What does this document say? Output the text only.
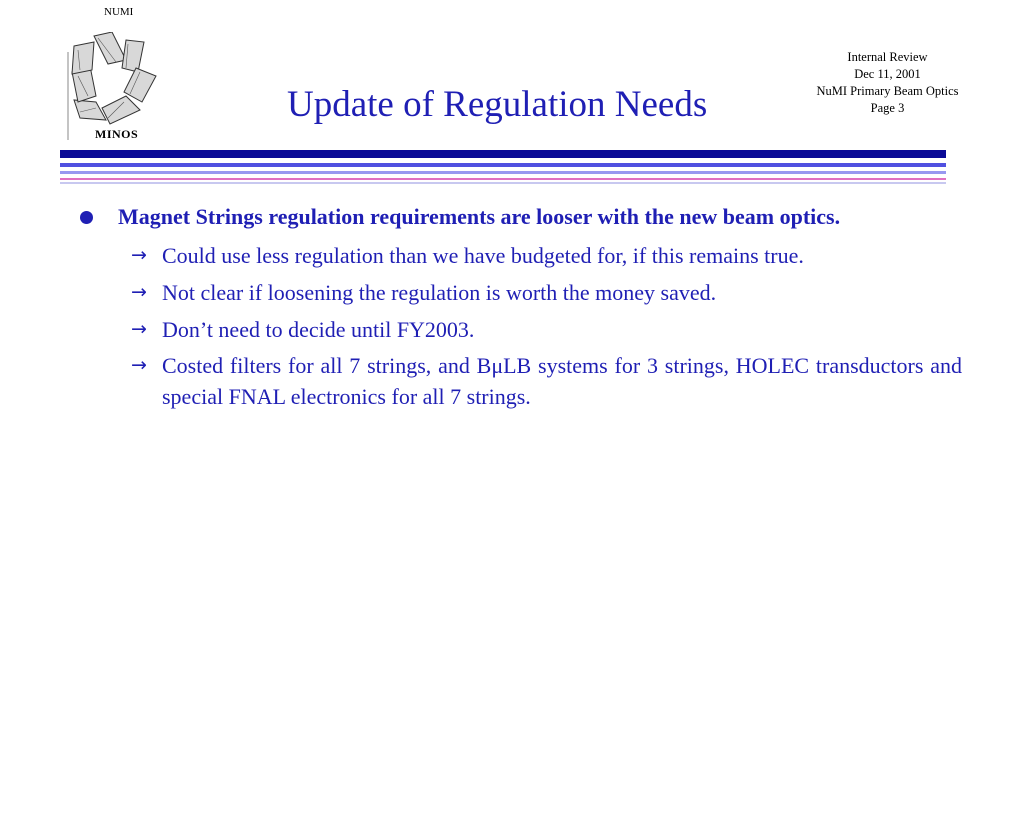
NUMI
MINOS
Update of Regulation Needs
Internal Review
Dec 11, 2001
NuMI Primary Beam Optics
Page 3
Magnet Strings regulation requirements are looser with the new beam optics.
→ Could use less regulation than we have budgeted for, if this remains true.
→ Not clear if loosening the regulation is worth the money saved.
→ Don’t need to decide until FY2003.
→ Costed filters for all 7 strings, and BμLB systems for 3 strings, HOLEC transductors and special FNAL electronics for all 7 strings.
